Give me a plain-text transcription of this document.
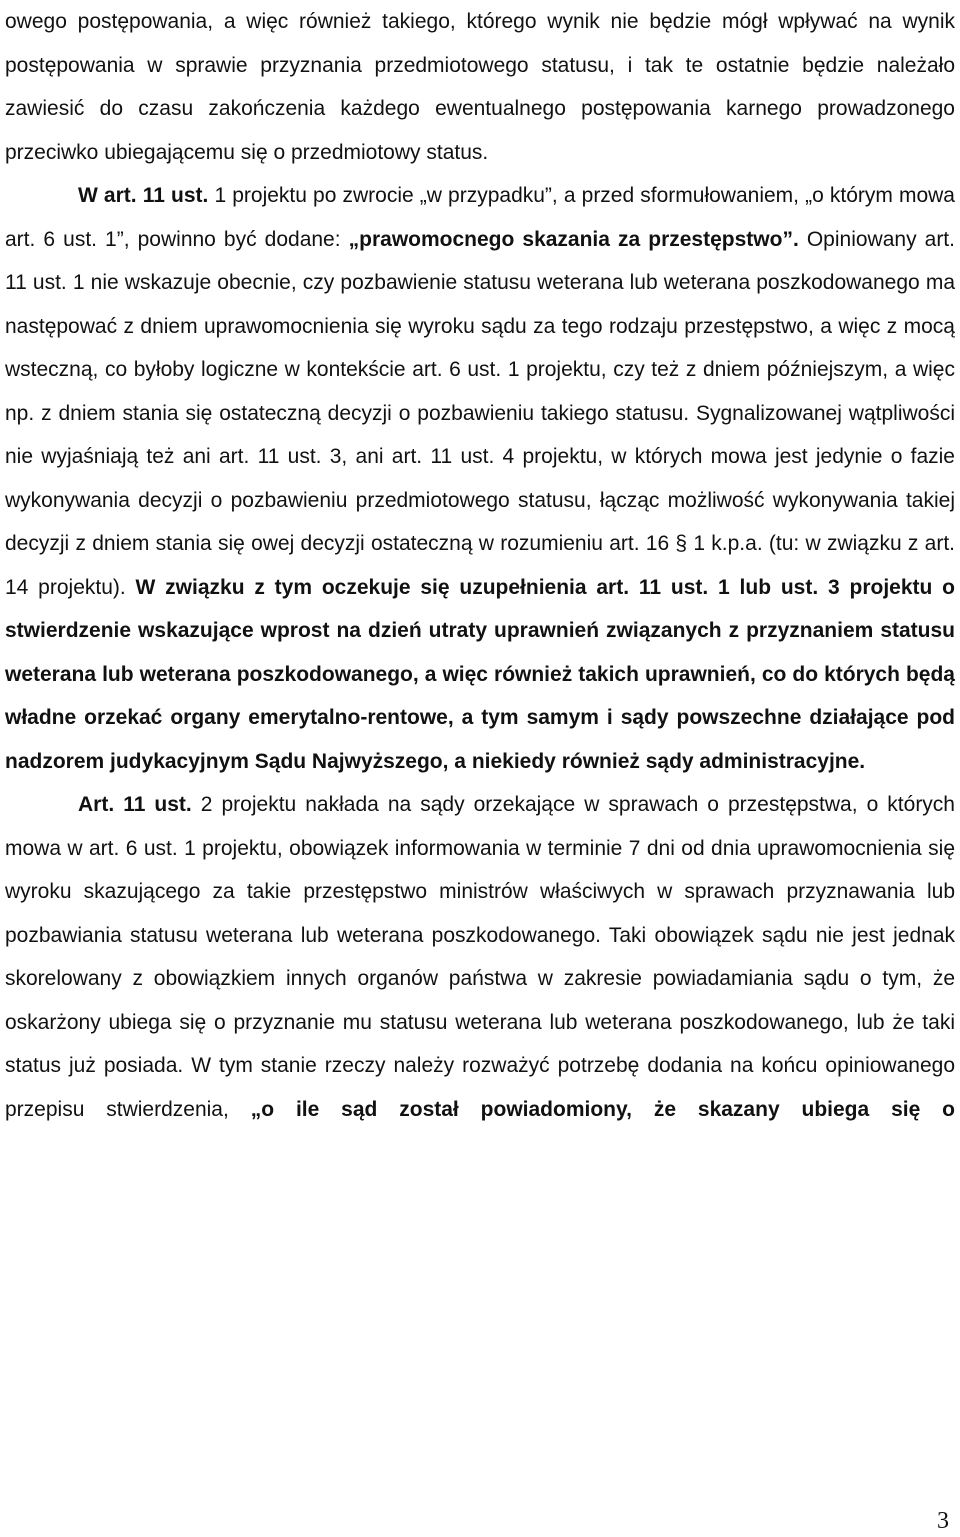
owego postępowania, a więc również takiego, którego wynik nie będzie mógł wpływać na wynik postępowania w sprawie przyznania przedmiotowego statusu, i tak te ostatnie będzie należało zawiesić do czasu zakończenia każdego ewentualnego postępowania karnego prowadzonego przeciwko ubiegającemu się o przedmiotowy status.

W art. 11 ust. 1 projektu po zwrocie „w przypadku”, a przed sformułowaniem, „o którym mowa art. 6 ust. 1”, powinno być dodane: „prawomocnego skazania za przestępstwo”. Opiniowany art. 11 ust. 1 nie wskazuje obecnie, czy pozbawienie statusu weterana lub weterana poszkodowanego ma następować z dniem uprawomocnienia się wyroku sądu za tego rodzaju przestępstwo, a więc z mocą wsteczną, co byłoby logiczne w kontekście art. 6 ust. 1 projektu, czy też z dniem późniejszym, a więc np. z dniem stania się ostateczną decyzji o pozbawieniu takiego statusu. Sygnalizowanej wątpliwości nie wyjaśniają też ani art. 11 ust. 3, ani art. 11 ust. 4 projektu, w których mowa jest jedynie o fazie wykonywania decyzji o pozbawieniu przedmiotowego statusu, łącząc możliwość wykonywania takiej decyzji z dniem stania się owej decyzji ostateczną w rozumieniu art. 16 § 1 k.p.a. (tu: w związku z art. 14 projektu). W związku z tym oczekuje się uzupełnienia art. 11 ust. 1 lub ust. 3 projektu o stwierdzenie wskazujące wprost na dzień utraty uprawnień związanych z przyznaniem statusu weterana lub weterana poszkodowanego, a więc również takich uprawnień, co do których będą władne orzekać organy emerytalno-rentowe, a tym samym i sądy powszechne działające pod nadzorem judykacyjnym Sądu Najwyższego, a niekiedy również sądy administracyjne.

Art. 11 ust. 2 projektu nakłada na sądy orzekające w sprawach o przestępstwa, o których mowa w art. 6 ust. 1 projektu, obowiązek informowania w terminie 7 dni od dnia uprawomocnienia się wyroku skazującego za takie przestępstwo ministrów właściwych w sprawach przyznawania lub pozbawiania statusu weterana lub weterana poszkodowanego. Taki obowiązek sądu nie jest jednak skorelowany z obowiązkiem innych organów państwa w zakresie powiadamiania sądu o tym, że oskarżony ubiega się o przyznanie mu statusu weterana lub weterana poszkodowanego, lub że taki status już posiada. W tym stanie rzeczy należy rozważyć potrzebę dodania na końcu opiniowanego przepisu stwierdzenia, „o ile sąd został powiadomiony, że skazany ubiega się o

3
